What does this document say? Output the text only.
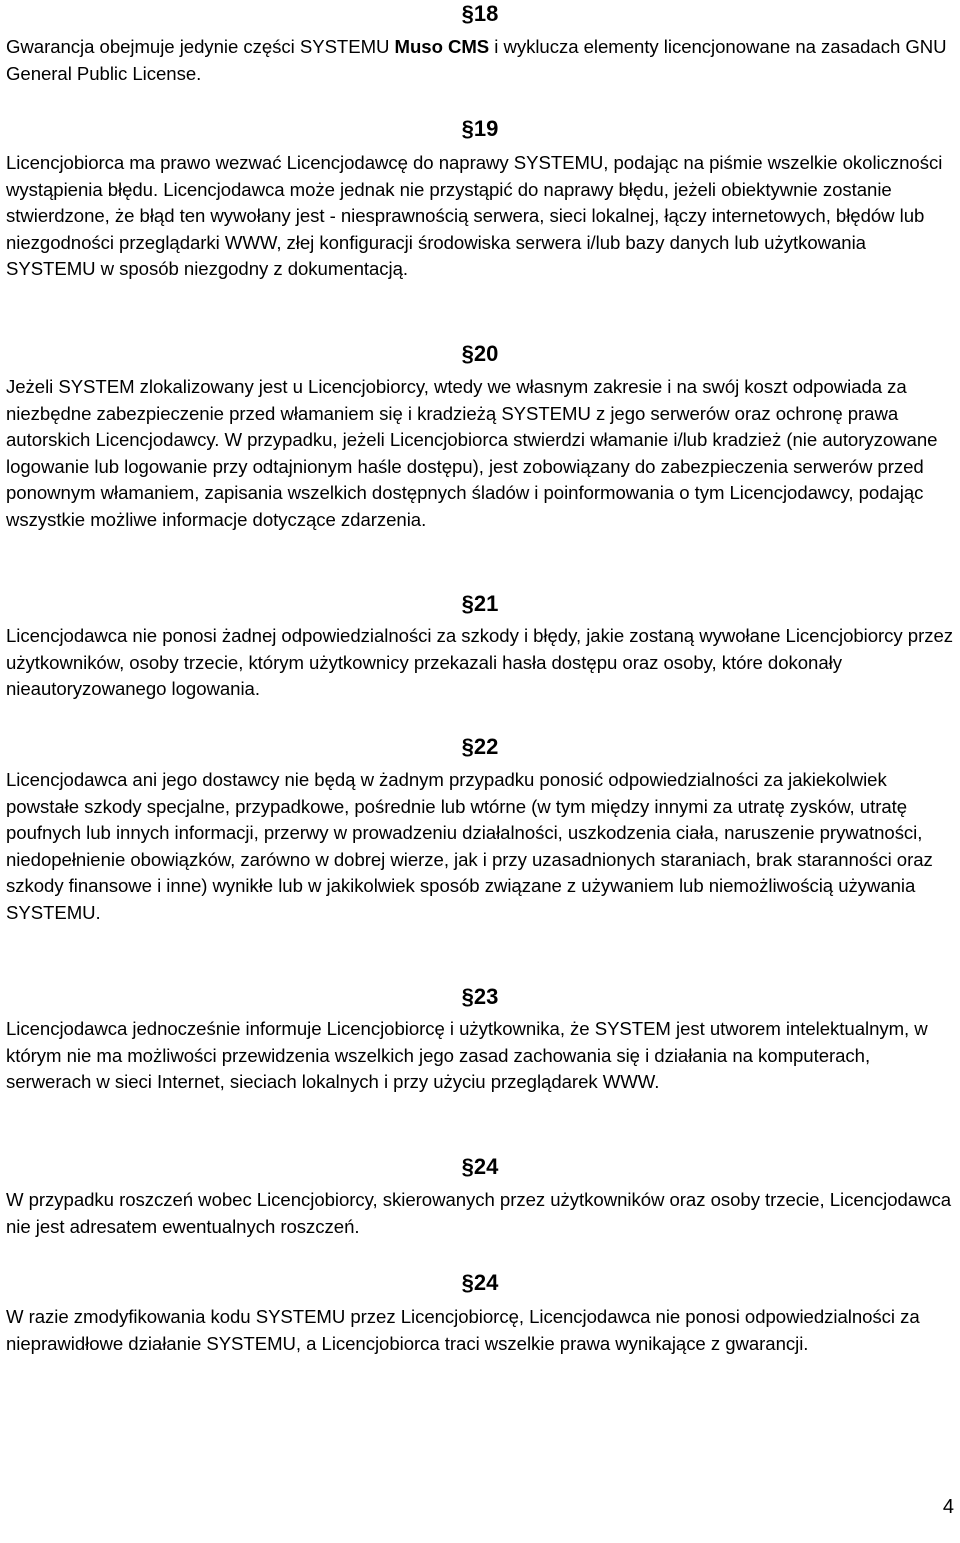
§18

Gwarancja obejmuje jedynie części SYSTEMU Muso CMS i wyklucza elementy licencjonowane na zasadach GNU General Public License.

§19

Licencjobiorca ma prawo wezwać Licencjodawcę do naprawy SYSTEMU, podając na piśmie wszelkie okoliczności wystąpienia błędu. Licencjodawca może jednak nie przystąpić do naprawy błędu, jeżeli obiektywnie zostanie stwierdzone, że błąd ten wywołany jest - niesprawnością serwera, sieci lokalnej, łączy internetowych, błędów lub niezgodności przeglądarki WWW, złej konfiguracji środowiska serwera i/lub bazy danych lub użytkowania SYSTEMU w sposób niezgodny z dokumentacją.

§20

Jeżeli SYSTEM zlokalizowany jest u Licencjobiorcy, wtedy we własnym zakresie i na swój koszt odpowiada za niezbędne zabezpieczenie przed włamaniem się i kradzieżą SYSTEMU z jego serwerów oraz ochronę prawa autorskich Licencjodawcy. W przypadku, jeżeli Licencjobiorca stwierdzi włamanie i/lub kradzież (nie autoryzowane logowanie lub logowanie przy odtajnionym haśle dostępu), jest zobowiązany do zabezpieczenia serwerów przed ponownym włamaniem, zapisania wszelkich dostępnych śladów i poinformowania o tym Licencjodawcy, podając wszystkie możliwe informacje dotyczące zdarzenia.

§21

Licencjodawca nie ponosi żadnej odpowiedzialności za szkody i błędy, jakie zostaną wywołane Licencjobiorcy przez użytkowników, osoby trzecie, którym użytkownicy przekazali hasła dostępu oraz osoby, które dokonały nieautoryzowanego logowania.

§22

Licencjodawca ani jego dostawcy nie będą w żadnym przypadku ponosić odpowiedzialności za jakiekolwiek powstałe szkody specjalne, przypadkowe, pośrednie lub wtórne (w tym między innymi za utratę zysków, utratę poufnych lub innych informacji, przerwy w prowadzeniu działalności, uszkodzenia ciała, naruszenie prywatności, niedopełnienie obowiązków, zarówno w dobrej wierze, jak i przy uzasadnionych staraniach, brak staranności oraz szkody finansowe i inne) wynikłe lub w jakikolwiek sposób związane z używaniem lub niemożliwością używania SYSTEMU.

§23

Licencjodawca jednocześnie informuje Licencjobiorcę i użytkownika, że SYSTEM jest utworem intelektualnym, w którym nie ma możliwości przewidzenia wszelkich jego zasad zachowania się i działania na komputerach, serwerach w sieci Internet, sieciach lokalnych i przy użyciu przeglądarek WWW.

§24

W przypadku roszczeń wobec Licencjobiorcy, skierowanych przez użytkowników oraz osoby trzecie, Licencjodawca nie jest adresatem ewentualnych roszczeń.

§24

W razie zmodyfikowania kodu SYSTEMU przez Licencjobiorcę, Licencjodawca nie ponosi odpowiedzialności za nieprawidłowe działanie SYSTEMU, a Licencjobiorca traci wszelkie prawa wynikające z gwarancji.

4
